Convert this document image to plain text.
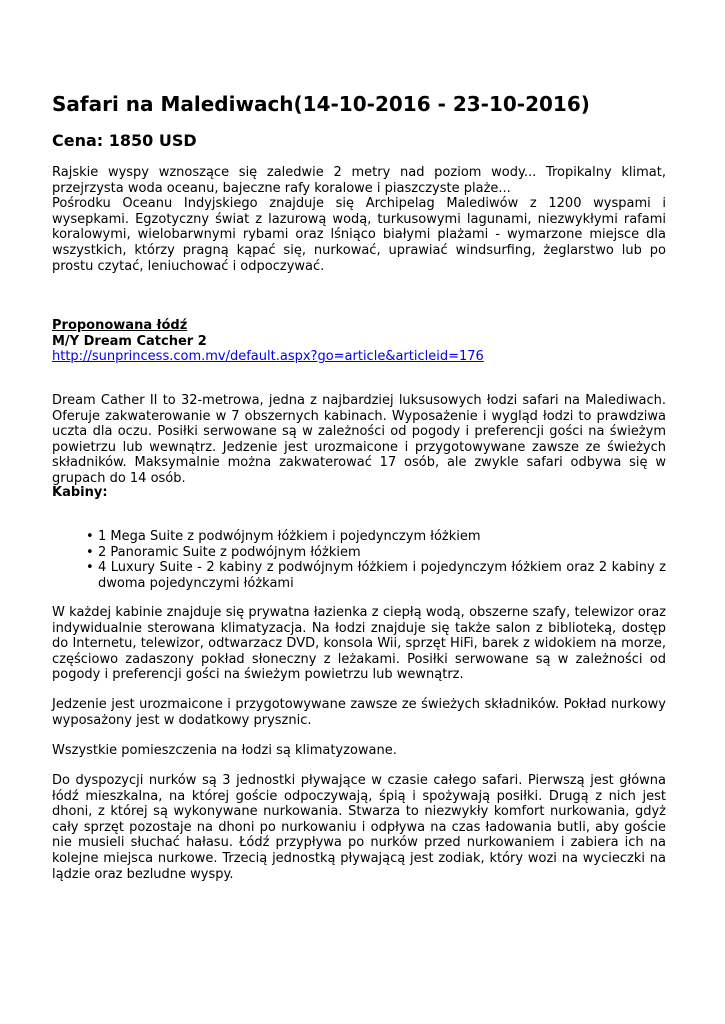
Safari na Malediwach(14-10-2016 - 23-10-2016)
Cena: 1850 USD

Rajskie wyspy wznoszące się zaledwie 2 metry nad poziom wody... Tropikalny klimat, przejrzysta woda oceanu, bajeczne rafy koralowe i piaszczyste plaże...

Pośrodku Oceanu Indyjskiego znajduje się Archipelag Malediwów z 1200 wyspami i wysepkami. Egzotyczny świat z lazurową wodą, turkusowymi lagunami, niezwykłymi rafami koralowymi, wielobarwnymi rybami oraz lśniąco białymi plażami - wymarzone miejsce dla wszystkich, którzy pragną kąpać się, nurkować, uprawiać windsurfing, żeglarstwo lub po prostu czytać, leniuchować i odpoczywać.

Proponowana łódź
M/Y Dream Catcher 2
http://sunprincess.com.mv/default.aspx?go=article&articleid=176

Dream Cather II to 32-metrowa, jedna z najbardziej luksusowych łodzi safari na Malediwach. Oferuje zakwaterowanie w 7 obszernych kabinach. Wyposażenie i wygląd łodzi to prawdziwa uczta dla oczu. Posiłki serwowane są w zależności od pogody i preferencji gości na świeżym powietrzu lub wewnątrz. Jedzenie jest urozmaicone i przygotowywane zawsze ze świeżych składników. Maksymalnie można zakwaterować 17 osób, ale zwykle safari odbywa się w grupach do 14 osób.

Kabiny:

• 1 Mega Suite z podwójnym łóżkiem i pojedynczym łóżkiem
• 2 Panoramic Suite z podwójnym łóżkiem
• 4 Luxury Suite - 2 kabiny z podwójnym łóżkiem i pojedynczym łóżkiem oraz 2 kabiny z dwoma pojedynczymi łóżkami

W każdej kabinie znajduje się prywatna łazienka z ciepłą wodą, obszerne szafy, telewizor oraz indywidualnie sterowana klimatyzacja. Na łodzi znajduje się także salon z biblioteką, dostęp do Internetu, telewizor, odtwarzacz DVD, konsola Wii, sprzęt HiFi, barek z widokiem na morze, częściowo zadaszony pokład słoneczny z leżakami. Posiłki serwowane są w zależności od pogody i preferencji gości na świeżym powietrzu lub wewnątrz.

Jedzenie jest urozmaicone i przygotowywane zawsze ze świeżych składników. Pokład nurkowy wyposażony jest w dodatkowy prysznic.

Wszystkie pomieszczenia na łodzi są klimatyzowane.

Do dyspozycji nurków są 3 jednostki pływające w czasie całego safari. Pierwszą jest główna łódź mieszkalna, na której goście odpoczywają, śpią i spożywają posiłki. Drugą z nich jest dhoni, z której są wykonywane nurkowania. Stwarza to niezwykły komfort nurkowania, gdyż cały sprzęt pozostaje na dhoni po nurkowaniu i odpływa na czas ładowania butli, aby goście nie musieli słuchać hałasu. Łódź przypływa po nurków przed nurkowaniem i zabiera ich na kolejne miejsca nurkowe. Trzecią jednostką pływającą jest zodiak, który wozi na wycieczki na lądzie oraz bezludne wyspy.
